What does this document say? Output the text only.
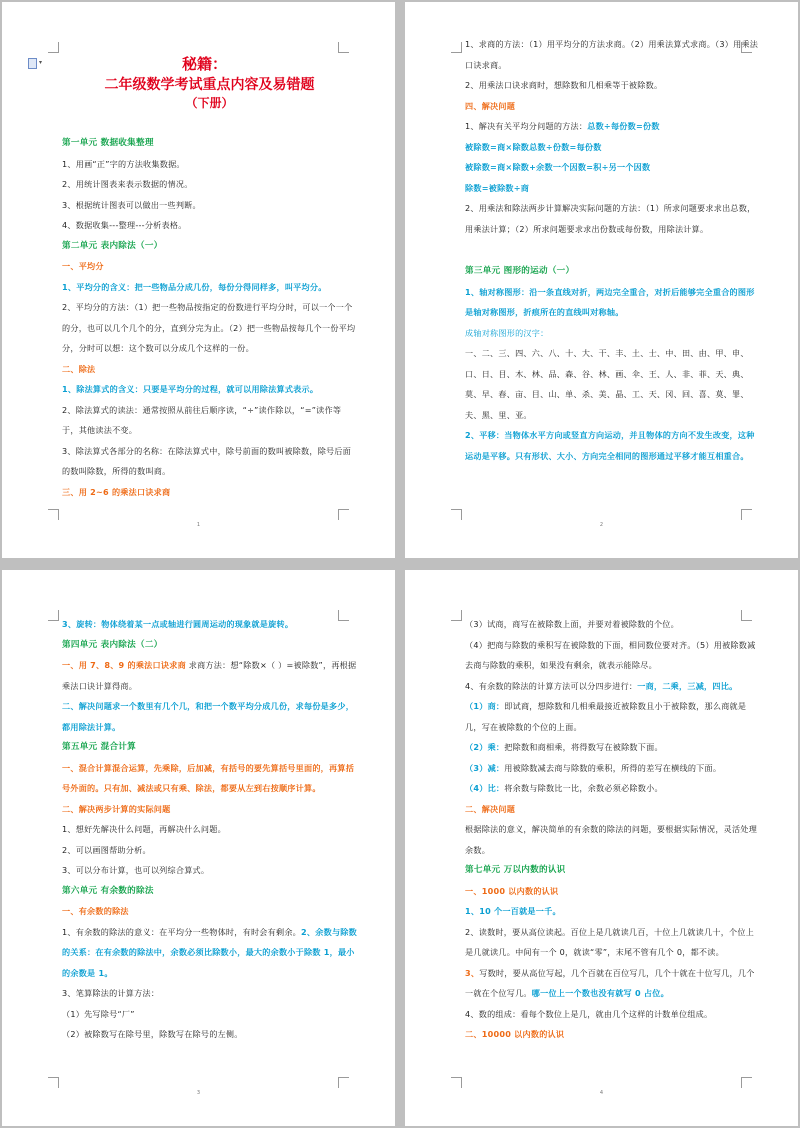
▾	秘籍：
二年级数学考试重点内容及易错题
（下册）

第一单元 数据收集整理

1、用画“正”字的方法收集数据。

2、用统计图表来表示数据的情况。

3、根据统计图表可以做出一些判断。

4、数据收集---整理---分析表格。

第二单元 表内除法（一）

一、平均分

1、平均分的含义：把一些物品分成几份，每份分得同样多，叫平均分。

2、平均分的方法：（1）把一些物品按指定的份数进行平均分时，可以一个一个的分，也可以几个几个的分，直到分完为止。（2）把一些物品按每几个一份平均分，分时可以想：这个数可以分成几个这样的一份。

二、除法

1、除法算式的含义：只要是平均分的过程，就可以用除法算式表示。

2、除法算式的读法：通常按照从前往后顺序读，“÷”读作除以，“=”读作等于，其他读法不变。

3、除法算式各部分的名称：在除法算式中，除号前面的数叫被除数，除号后面的数叫除数，所得的数叫商。

三、用 2~6 的乘法口诀求商

1

1、求商的方法：（1）用平均分的方法求商。（2）用乘法算式求商。（3）用乘法口诀求商。

2、用乘法口诀求商时，想除数和几相乘等于被除数。

四、解决问题

1、解决有关平均分问题的方法：总数÷每份数=份数

被除数=商×除数总数÷份数=每份数

被除数=商×除数+余数一个因数=积÷另一个因数

除数=被除数÷商

2、用乘法和除法两步计算解决实际问题的方法：（1）所求问题要求求出总数，用乘法计算；（2）所求问题要求求出份数或每份数，用除法计算。

第三单元 图形的运动（一）

1、轴对称图形：沿一条直线对折，两边完全重合，对折后能够完全重合的图形是轴对称图形，折痕所在的直线叫对称轴。

成轴对称图形的汉字：

一、二、三、四、六、八、十、大、干、丰、土、士、中、田、由、甲、申、口、日、目、木、林、品、森、谷、林、画、伞、王、人、非、菲、天、典、莫、早、春、亩、目、山、单、杀、美、晶、工、天、冈、回、喜、莫、罪、夫、黑、里、亚。

2、平移：当物体水平方向或竖直方向运动，并且物体的方向不发生改变，这种运动是平移。只有形状、大小、方向完全相同的图形通过平移才能互相重合。

2

3、旋转：物体绕着某一点或轴进行圆周运动的现象就是旋转。

第四单元 表内除法（二）

一、用 7、8、9 的乘法口诀求商 求商方法：想“除数×（ ）=被除数”，再根据乘法口诀计算得商。

二、解决问题求一个数里有几个几，和把一个数平均分成几份，求每份是多少，都用除法计算。

第五单元 混合计算

一、混合计算混合运算，先乘除，后加减，有括号的要先算括号里面的，再算括号外面的。只有加、减法或只有乘、除法，都要从左到右按顺序计算。

二、解决两步计算的实际问题

1、想好先解决什么问题，再解决什么问题。

2、可以画图帮助分析。

3、可以分布计算，也可以列综合算式。

第六单元 有余数的除法

一、有余数的除法

1、有余数的除法的意义：在平均分一些物体时，有时会有剩余。2、余数与除数的关系：在有余数的除法中，余数必须比除数小，最大的余数小于除数 1，最小的余数是 1。

3、笔算除法的计算方法：

（1）先写除号“厂”

（2）被除数写在除号里，除数写在除号的左侧。

3

（3）试商，商写在被除数上面，并要对着被除数的个位。

（4）把商与除数的乘积写在被除数的下面，相同数位要对齐。（5）用被除数减去商与除数的乘积，如果没有剩余，就表示能除尽。

4、有余数的除法的计算方法可以分四步进行：一商，二乘，三减，四比。

（1）商：即试商，想除数和几相乘最接近被除数且小于被除数，那么商就是几，写在被除数的个位的上面。

（2）乘：把除数和商相乘，将得数写在被除数下面。

（3）减：用被除数减去商与除数的乘积，所得的差写在横线的下面。

（4）比：将余数与除数比一比，余数必须必除数小。

二、解决问题

根据除法的意义，解决简单的有余数的除法的问题，要根据实际情况，灵活处理余数。

第七单元 万以内数的认识

一、1000 以内数的认识

1、10 个一百就是一千。

2、读数时，要从高位读起。百位上是几就读几百，十位上几就读几十，个位上是几就读几。中间有一个 0，就读“零”，末尾不管有几个 0，都不读。

3、写数时，要从高位写起，几个百就在百位写几，几个十就在十位写几，几个一就在个位写几。哪一位上一个数也没有就写 0 占位。

4、数的组成：看每个数位上是几，就由几个这样的计数单位组成。

二、10000 以内数的认识

4
